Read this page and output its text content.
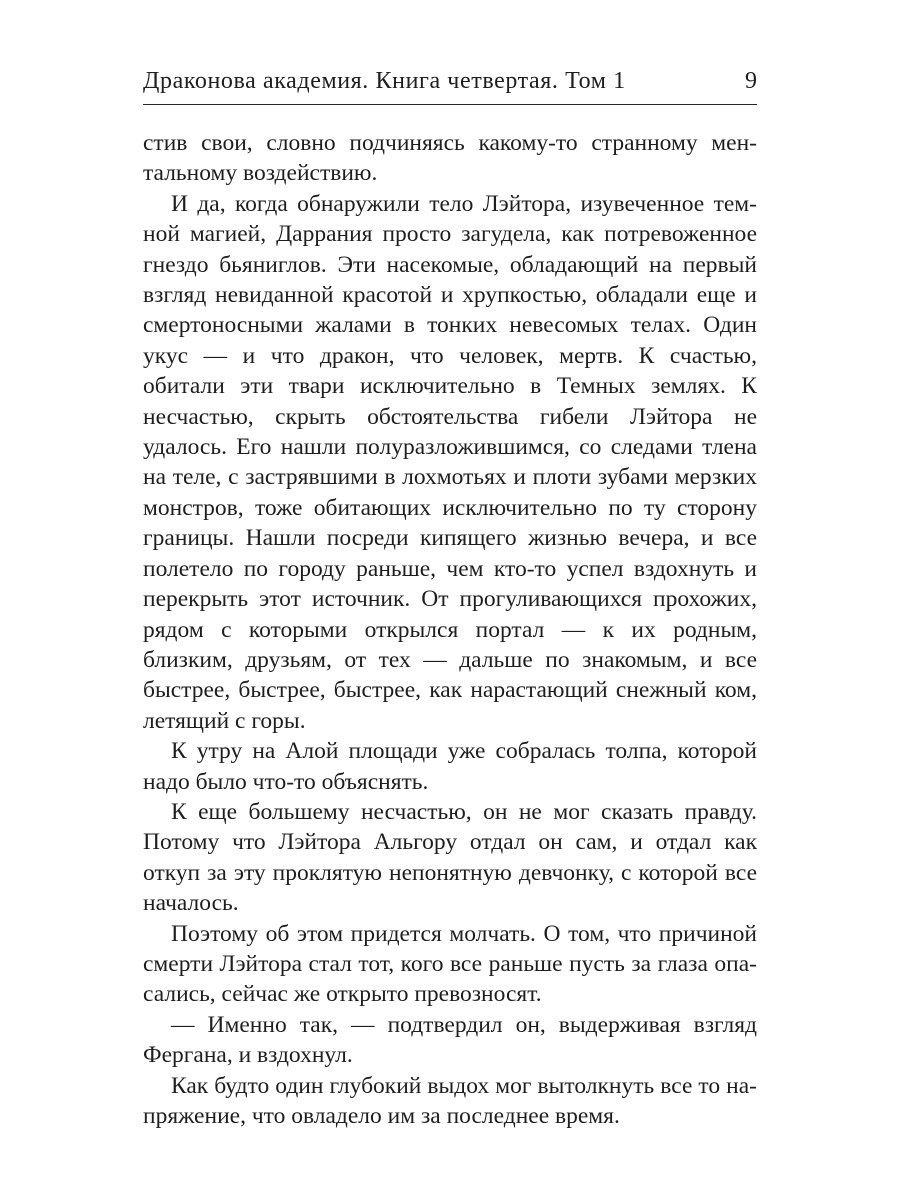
Драконова академия. Книга четвертая. Том 1	9

стив свои, словно подчиняясь какому-то странному ментальному воздействию.

И да, когда обнаружили тело Лэйтора, изувеченное темной магией, Даррания просто загудела, как потревоженное гнездо бьяниглов. Эти насекомые, обладающий на первый взгляд невиданной красотой и хрупкостью, обладали еще и смертоносными жалами в тонких невесомых телах. Один укус — и что дракон, что человек, мертв. К счастью, обитали эти твари исключительно в Темных землях. К несчастью, скрыть обстоятельства гибели Лэйтора не удалось. Его нашли полуразложившимся, со следами тлена на теле, с застрявшими в лохмотьях и плоти зубами мерзких монстров, тоже обитающих исключительно по ту сторону границы. Нашли посреди кипящего жизнью вечера, и все полетело по городу раньше, чем кто-то успел вздохнуть и перекрыть этот источник. От прогуливающихся прохожих, рядом с которыми открылся портал — к их родным, близким, друзьям, от тех — дальше по знакомым, и все быстрее, быстрее, быстрее, как нарастающий снежный ком, летящий с горы.

К утру на Алой площади уже собралась толпа, которой надо было что-то объяснять.

К еще большему несчастью, он не мог сказать правду. Потому что Лэйтора Альгору отдал он сам, и отдал как откуп за эту проклятую непонятную девчонку, с которой все началось.

Поэтому об этом придется молчать. О том, что причиной смерти Лэйтора стал тот, кого все раньше пусть за глаза опасались, сейчас же открыто превозносят.

— Именно так, — подтвердил он, выдерживая взгляд Фергана, и вздохнул.

Как будто один глубокий выдох мог вытолкнуть все то напряжение, что овладело им за последнее время.
